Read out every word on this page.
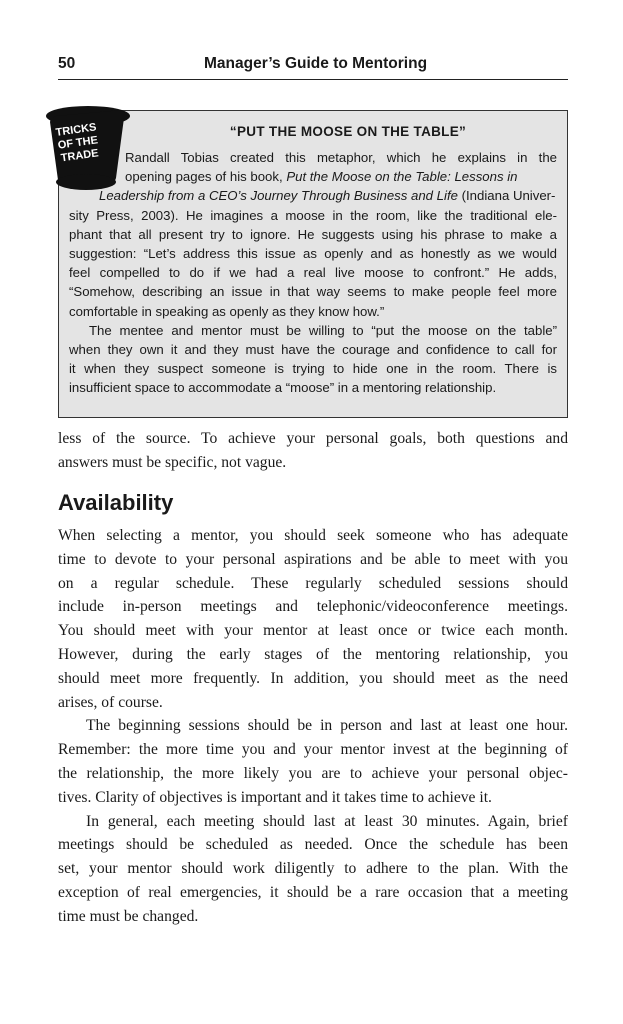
50	Manager’s Guide to Mentoring
“PUT THE MOOSE ON THE TABLE”
Randall Tobias created this metaphor, which he explains in the
opening pages of his book, Put the Moose on the Table: Lessons in
Leadership from a CEO’s Journey Through Business and Life (Indiana Univer-
sity Press, 2003). He imagines a moose in the room, like the traditional ele-
phant that all present try to ignore. He suggests using his phrase to make a
suggestion: “Let’s address this issue as openly and as honestly as we would
feel compelled to do if we had a real live moose to confront.” He adds,
“Somehow, describing an issue in that way seems to make people feel more
comfortable in speaking as openly as they know how.”
The mentee and mentor must be willing to “put the moose on the table”
when they own it and they must have the courage and confidence to call for
it when they suspect someone is trying to hide one in the room. There is
insufficient space to accommodate a “moose” in a mentoring relationship.
TRICKS
OF THE
TRADE
less of the source. To achieve your personal goals, both questions and
answers must be specific, not vague.
Availability
When selecting a mentor, you should seek someone who has adequate
time to devote to your personal aspirations and be able to meet with you
on a regular schedule. These regularly scheduled sessions should
include in-person meetings and telephonic/videoconference meetings.
You should meet with your mentor at least once or twice each month.
However, during the early stages of the mentoring relationship, you
should meet more frequently. In addition, you should meet as the need
arises, of course.
The beginning sessions should be in person and last at least one hour.
Remember: the more time you and your mentor invest at the beginning of
the relationship, the more likely you are to achieve your personal objec-
tives. Clarity of objectives is important and it takes time to achieve it.
In general, each meeting should last at least 30 minutes. Again, brief
meetings should be scheduled as needed. Once the schedule has been
set, your mentor should work diligently to adhere to the plan. With the
exception of real emergencies, it should be a rare occasion that a meeting
time must be changed.
